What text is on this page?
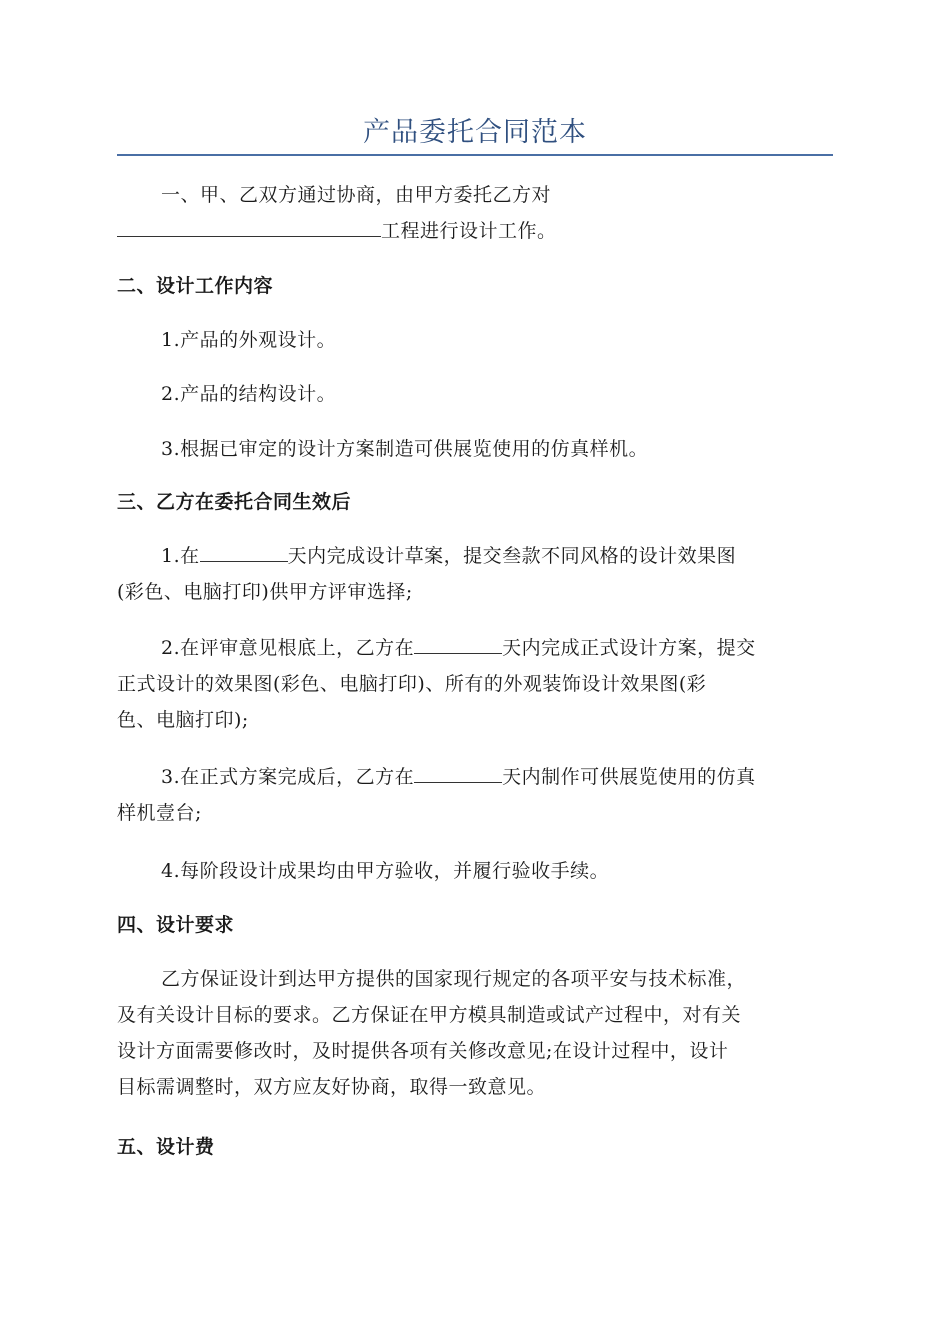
产品委托合同范本
一、甲、乙双方通过协商，由甲方委托乙方对
工程进行设计工作。
二、设计工作内容
1.产品的外观设计。
2.产品的结构设计。
3.根据已审定的设计方案制造可供展览使用的仿真样机。
三、乙方在委托合同生效后
1.在	天内完成设计草案，提交叁款不同风格的设计效果图
(彩色、电脑打印)供甲方评审选择;
2.在评审意见根底上，乙方在	天内完成正式设计方案，提交
正式设计的效果图(彩色、电脑打印)、所有的外观装饰设计效果图(彩
色、电脑打印);
3.在正式方案完成后，乙方在	天内制作可供展览使用的仿真
样机壹台;
4.每阶段设计成果均由甲方验收，并履行验收手续。
四、设计要求
乙方保证设计到达甲方提供的国家现行规定的各项平安与技术标准，
及有关设计目标的要求。乙方保证在甲方模具制造或试产过程中，对有关
设计方面需要修改时，及时提供各项有关修改意见;在设计过程中，设计
目标需调整时，双方应友好协商，取得一致意见。
五、设计费
